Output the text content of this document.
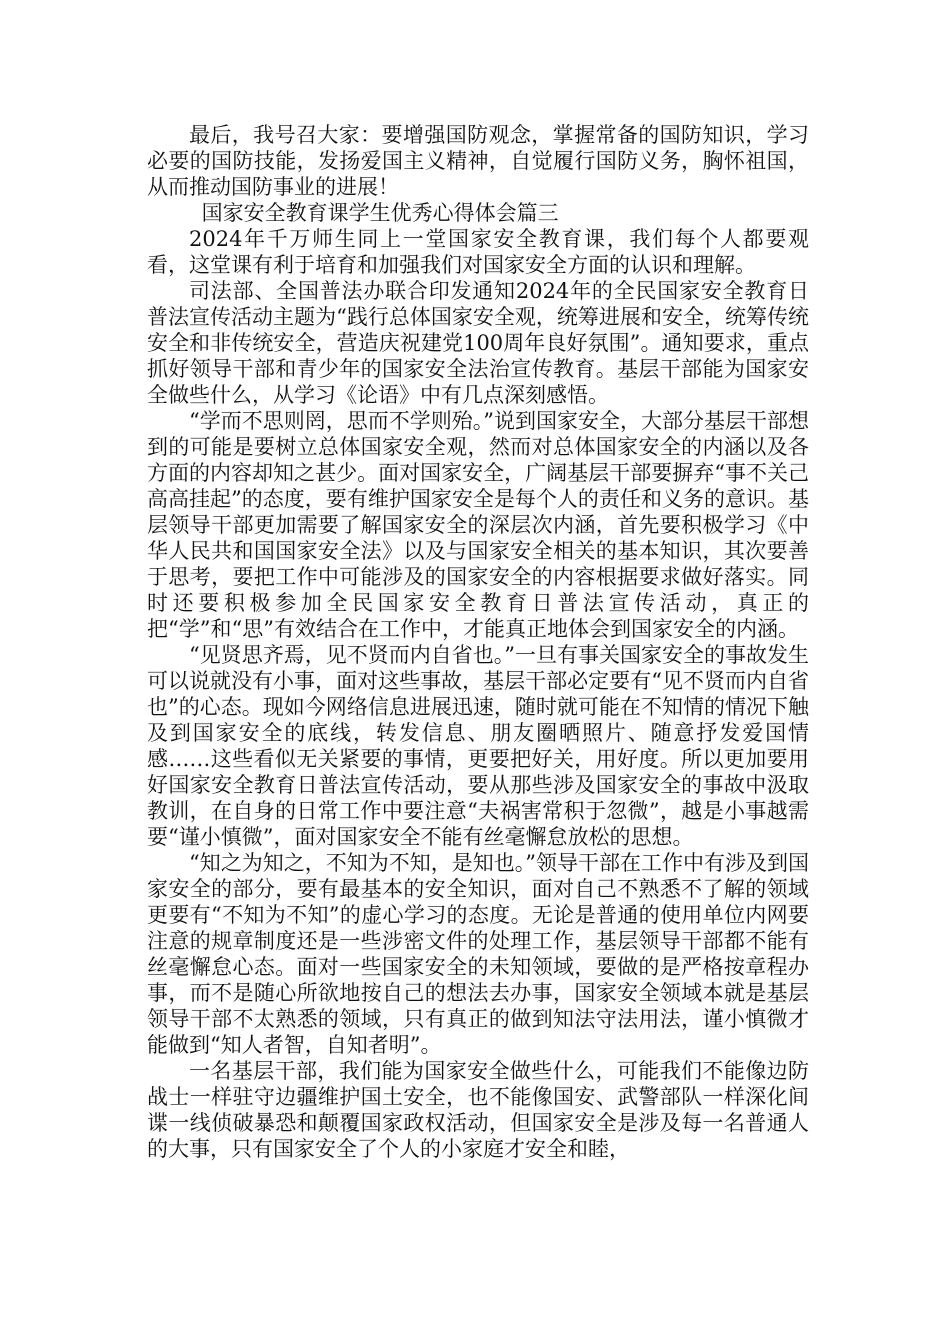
最后，我号召大家：要增强国防观念，掌握常备的国防知识，学习必要的国防技能，发扬爱国主义精神，自觉履行国防义务，胸怀祖国，从而推动国防事业的进展！

国家安全教育课学生优秀心得体会篇三

2024年千万师生同上一堂国家安全教育课，我们每个人都要观看，这堂课有利于培育和加强我们对国家安全方面的认识和理解。

司法部、全国普法办联合印发通知2024年的全民国家安全教育日普法宣传活动主题为“践行总体国家安全观，统筹进展和安全，统筹传统安全和非传统安全，营造庆祝建党100周年良好氛围”。通知要求，重点抓好领导干部和青少年的国家安全法治宣传教育。基层干部能为国家安全做些什么，从学习《论语》中有几点深刻感悟。

“学而不思则罔，思而不学则殆。”说到国家安全，大部分基层干部想到的可能是要树立总体国家安全观，然而对总体国家安全的内涵以及各方面的内容却知之甚少。面对国家安全，广阔基层干部要摒弃“事不关己高高挂起”的态度，要有维护国家安全是每个人的责任和义务的意识。基层领导干部更加需要了解国家安全的深层次内涵，首先要积极学习《中华人民共和国国家安全法》以及与国家安全相关的基本知识，其次要善于思考，要把工作中可能涉及的国家安全的内容根据要求做好落实。同时还要积极参加全民国家安全教育日普法宣传活动，真正的把“学”和“思”有效结合在工作中，才能真正地体会到国家安全的内涵。

“见贤思齐焉，见不贤而内自省也。”一旦有事关国家安全的事故发生可以说就没有小事，面对这些事故，基层干部必定要有“见不贤而内自省也”的心态。现如今网络信息进展迅速，随时就可能在不知情的情况下触及到国家安全的底线，转发信息、朋友圈晒照片、随意抒发爱国情感……这些看似无关紧要的事情，更要把好关，用好度。所以更加要用好国家安全教育日普法宣传活动，要从那些涉及国家安全的事故中汲取教训，在自身的日常工作中要注意“夫祸害常积于忽微”，越是小事越需要“谨小慎微”，面对国家安全不能有丝毫懈怠放松的思想。

“知之为知之，不知为不知，是知也。”领导干部在工作中有涉及到国家安全的部分，要有最基本的安全知识，面对自己不熟悉不了解的领域更要有“不知为不知”的虚心学习的态度。无论是普通的使用单位内网要注意的规章制度还是一些涉密文件的处理工作，基层领导干部都不能有丝毫懈怠心态。面对一些国家安全的未知领域，要做的是严格按章程办事，而不是随心所欲地按自己的想法去办事，国家安全领域本就是基层领导干部不太熟悉的领域，只有真正的做到知法守法用法，谨小慎微才能做到“知人者智，自知者明”。

一名基层干部，我们能为国家安全做些什么，可能我们不能像边防战士一样驻守边疆维护国土安全，也不能像国安、武警部队一样深化间谍一线侦破暴恐和颠覆国家政权活动，但国家安全是涉及每一名普通人的大事，只有国家安全了个人的小家庭才安全和睦，
